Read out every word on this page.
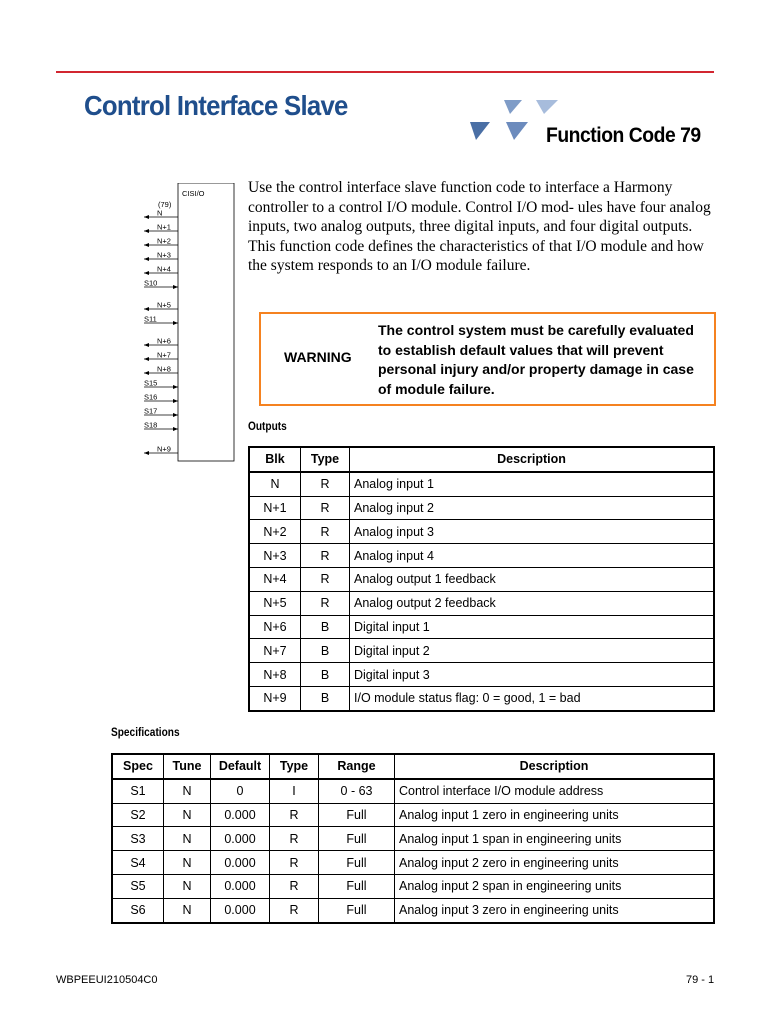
Control Interface Slave
Function Code 79
CISI/O
(79)
N
N+1
N+2
N+3
N+4
S10
N+5
S11
N+6
N+7
N+8
S15
S16
S17
S18
N+9

Use the control interface slave function code to interface a Harmony controller to a control I/O module. Control I/O mod- ules have four analog inputs, two analog outputs, three digital inputs, and four digital outputs. This function code defines the characteristics of that I/O module and how the system responds to an I/O module failure.

WARNING
The control system must be carefully evaluated to establish default values that will prevent personal injury and/or property damage in case of module failure.
Outputs
Blk	Type	Description
N	R	Analog input 1
N+1	R	Analog input 2
N+2	R	Analog input 3
N+3	R	Analog input 4
N+4	R	Analog output 1 feedback
N+5	R	Analog output 2 feedback
N+6	B	Digital input 1
N+7	B	Digital input 2
N+8	B	Digital input 3
N+9	B	I/O module status flag: 0 = good, 1 = bad
Specifications
Spec	Tune	Default	Type	Range	Description
S1	N	0	I	0 - 63	Control interface I/O module address
S2	N	0.000	R	Full	Analog input 1 zero in engineering units
S3	N	0.000	R	Full	Analog input 1 span in engineering units
S4	N	0.000	R	Full	Analog input 2 zero in engineering units
S5	N	0.000	R	Full	Analog input 2 span in engineering units
S6	N	0.000	R	Full	Analog input 3 zero in engineering units
WBPEEUI210504C0	79 - 1
